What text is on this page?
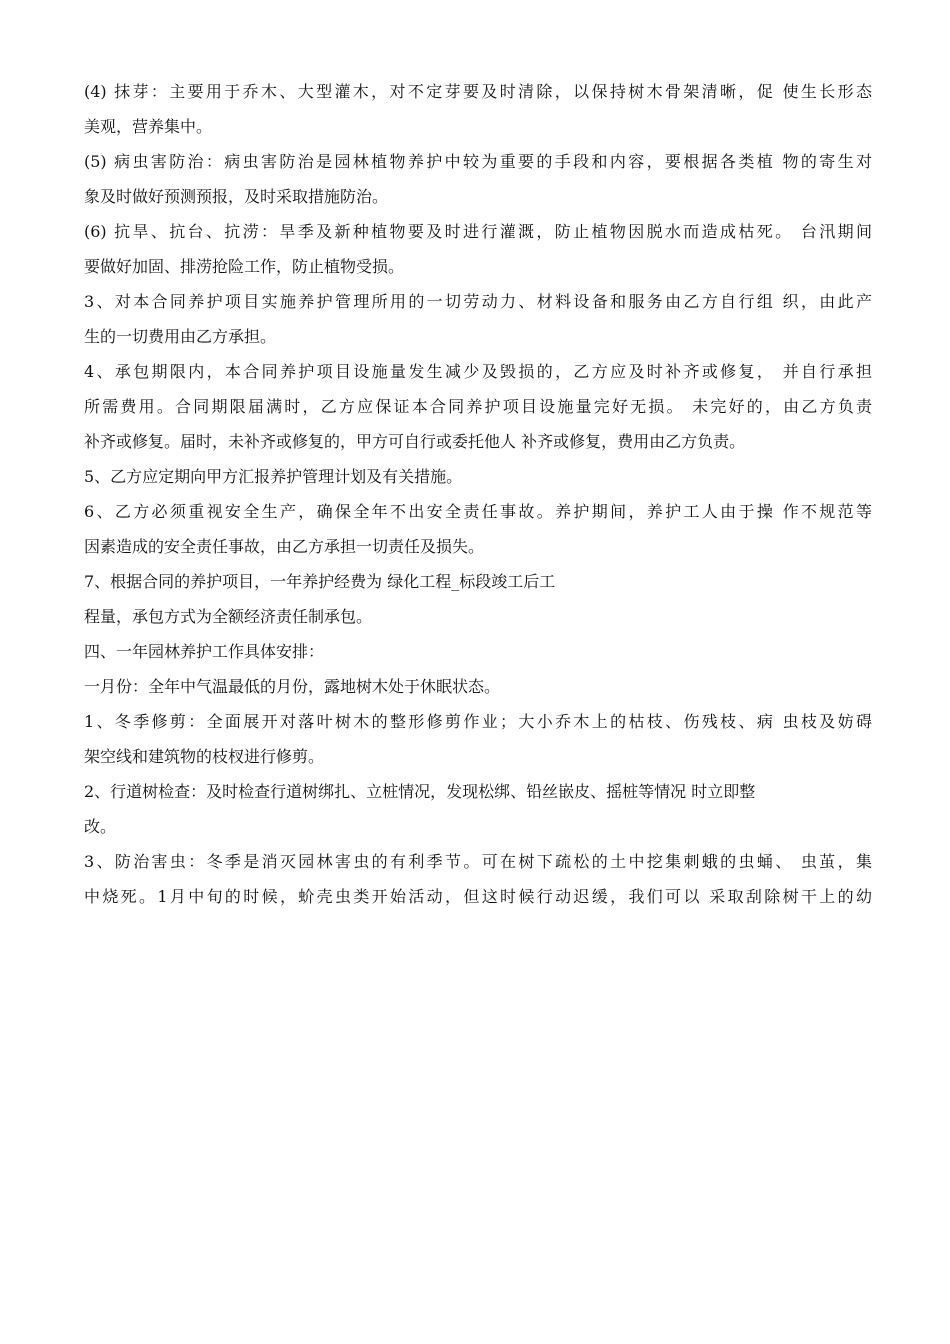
(4) 抹芽：主要用于乔木、大型灌木，对不定芽要及时清除，以保持树木骨架清晰，促 使生长形态
美观，营养集中。
(5) 病虫害防治：病虫害防治是园林植物养护中较为重要的手段和内容，要根据各类植 物的寄生对
象及时做好预测预报，及时采取措施防治。
(6) 抗旱、抗台、抗涝：旱季及新种植物要及时进行灌溉，防止植物因脱水而造成枯死。 台汛期间
要做好加固、排涝抢险工作，防止植物受损。
3、对本合同养护项目实施养护管理所用的一切劳动力、材料设备和服务由乙方自行组 织，由此产
生的一切费用由乙方承担。
4、承包期限内，本合同养护项目设施量发生减少及毁损的，乙方应及时补齐或修复， 并自行承担
所需费用。合同期限届满时，乙方应保证本合同养护项目设施量完好无损。 未完好的，由乙方负责
补齐或修复。届时，未补齐或修复的，甲方可自行或委托他人 补齐或修复，费用由乙方负责。
5、乙方应定期向甲方汇报养护管理计划及有关措施。
6、乙方必须重视安全生产，确保全年不出安全责任事故。养护期间，养护工人由于操 作不规范等
因素造成的安全责任事故，由乙方承担一切责任及损失。
7、根据合同的养护项目，一年养护经费为 绿化工程_标段竣工后工
程量，承包方式为全额经济责任制承包。
四、一年园林养护工作具体安排：
一月份：全年中气温最低的月份，露地树木处于休眠状态。
1、冬季修剪：全面展开对落叶树木的整形修剪作业；大小乔木上的枯枝、伤残枝、病 虫枝及妨碍
架空线和建筑物的枝杈进行修剪。
2、行道树检查：及时检查行道树绑扎、立桩情况，发现松绑、铅丝嵌皮、摇桩等情况 时立即整
改。
3、防治害虫：冬季是消灭园林害虫的有利季节。可在树下疏松的土中挖集刺蛾的虫蛹、 虫茧，集
中烧死。1月中旬的时候，蚧壳虫类开始活动，但这时候行动迟缓，我们可以 采取刮除树干上的幼
